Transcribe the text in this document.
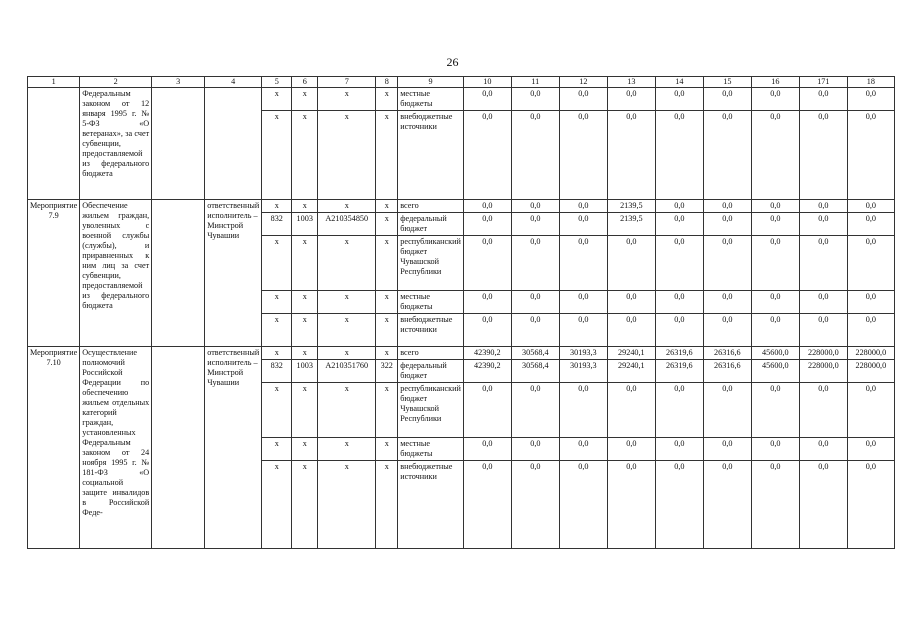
26
1	2	3	4	5	6	7	8	9	10	11	12	13	14	15	16	171	18
	Федеральным законом от 12 января 1995 г. № 5-ФЗ «О ветеранах», за счет субвенции, предоставляемой из федерального бюджета			x	x	x	x	местные бюджеты	0,0	0,0	0,0	0,0	0,0	0,0	0,0	0,0	0,0
				x	x	x	x	внебюджетные источники	0,0	0,0	0,0	0,0	0,0	0,0	0,0	0,0	0,0
Мероприятие 7.9	Обеспечение жильем граждан, уволенных с военной службы (службы), и приравненных к ним лиц за счет субвенции, предоставляемой из федерального бюджета		ответственный исполнитель – Минстрой Чувашии	x	x	x	x	всего	0,0	0,0	0,0	2139,5	0,0	0,0	0,0	0,0	0,0
				832	1003	А210354850	x	федеральный бюджет	0,0	0,0	0,0	2139,5	0,0	0,0	0,0	0,0	0,0
				x	x	x	x	республиканский бюджет Чувашской Республики	0,0	0,0	0,0	0,0	0,0	0,0	0,0	0,0	0,0
				x	x	x	x	местные бюджеты	0,0	0,0	0,0	0,0	0,0	0,0	0,0	0,0	0,0
				x	x	x	x	внебюджетные источники	0,0	0,0	0,0	0,0	0,0	0,0	0,0	0,0	0,0
Мероприятие 7.10	Осуществление полномочий Российской Федерации по обеспечению жильем отдельных категорий граждан, установленных Федеральным законом от 24 ноября 1995 г. № 181-ФЗ «О социальной защите инвалидов в Российской Феде-		ответственный исполнитель – Минстрой Чувашии	x	x	x	x	всего	42390,2	30568,4	30193,3	29240,1	26319,6	26316,6	45600,0	228000,0	228000,0
				832	1003	А210351760	322	федеральный бюджет	42390,2	30568,4	30193,3	29240,1	26319,6	26316,6	45600,0	228000,0	228000,0
				x	x	x	x	республиканский бюджет Чувашской Республики	0,0	0,0	0,0	0,0	0,0	0,0	0,0	0,0	0,0
				x	x	x	x	местные бюджеты	0,0	0,0	0,0	0,0	0,0	0,0	0,0	0,0	0,0
				x	x	x	x	внебюджетные источники	0,0	0,0	0,0	0,0	0,0	0,0	0,0	0,0	0,0
